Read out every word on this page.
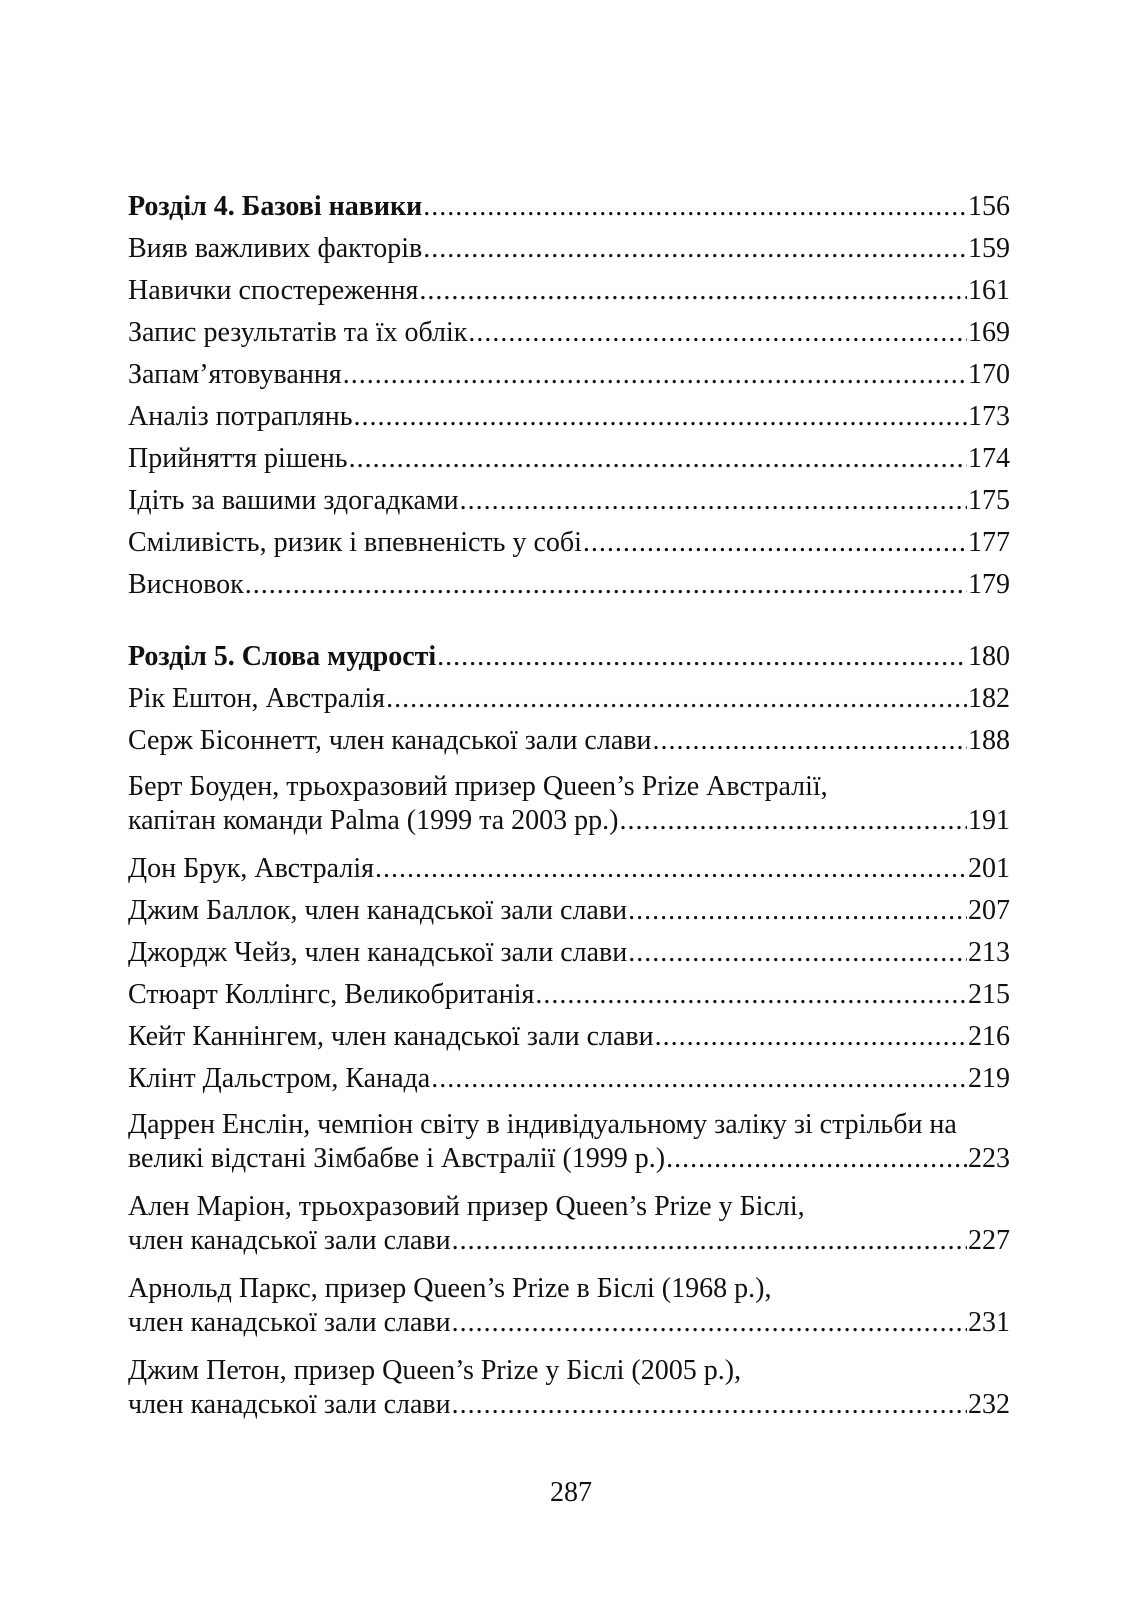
Розділ 4. Базові навики .....	156
Вияв важливих факторів .....	159
Навички спостереження .....	161
Запис результатів та їх облік .....	169
Запам’ятовування .....	170
Аналіз потраплянь .....	173
Прийняття рішень .....	174
Ідіть за вашими здогадками .....	175
Сміливість, ризик і впевненість у собі .....	177
Висновок .....	179
Розділ 5. Слова мудрості .....	180
Рік Ештон, Австралія .....	182
Серж Бісоннетт, член канадської зали слави .....	188
Берт Боуден, трьохразовий призер Queen’s Prize Австралії,
капітан команди Palma (1999 та 2003 рр.) .....	191
Дон Брук, Австралія .....	201
Джим Баллок, член канадської зали слави .....	207
Джордж Чейз, член канадської зали слави .....	213
Стюарт Коллінгс, Великобританія .....	215
Кейт Каннінгем, член канадської зали слави .....	216
Клінт Дальстром, Канада .....	219
Даррен Енслін, чемпіон світу в індивідуальному заліку зі стрільби на
великі відстані Зімбабве і Австралії (1999 р.) .....	223
Ален Маріон, трьохразовий призер Queen’s Prize у Біслі,
член канадської зали слави .....	227
Арнольд Паркс, призер Queen’s Prize в Біслі (1968 р.),
член канадської зали слави .....	231
Джим Петон, призер Queen’s Prize у Біслі (2005 р.),
член канадської зали слави .....	232
287
